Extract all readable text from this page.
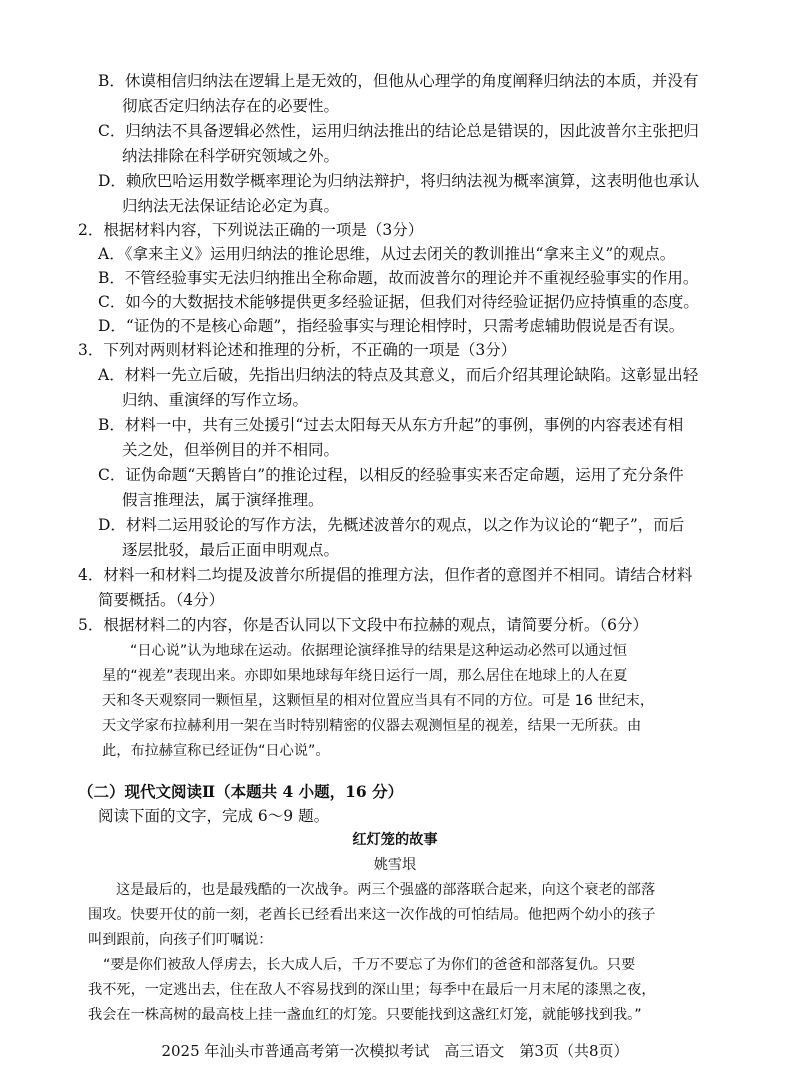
B．休谟相信归纳法在逻辑上是无效的，但他从心理学的角度阐释归纳法的本质，并没有
彻底否定归纳法存在的必要性。
C．归纳法不具备逻辑必然性，运用归纳法推出的结论总是错误的，因此波普尔主张把归
纳法排除在科学研究领域之外。
D．赖欣巴哈运用数学概率理论为归纳法辩护，将归纳法视为概率演算，这表明他也承认
归纳法无法保证结论必定为真。
2．根据材料内容，下列说法正确的一项是（3分）
A．《拿来主义》运用归纳法的推论思维，从过去闭关的教训推出“拿来主义”的观点。
B．不管经验事实无法归纳推出全称命题，故而波普尔的理论并不重视经验事实的作用。
C．如今的大数据技术能够提供更多经验证据，但我们对待经验证据仍应持慎重的态度。
D．“证伪的不是核心命题”，指经验事实与理论相悖时，只需考虑辅助假说是否有误。
3．下列对两则材料论述和推理的分析，不正确的一项是（3分）
A．材料一先立后破，先指出归纳法的特点及其意义，而后介绍其理论缺陷。这彰显出轻
归纳、重演绎的写作立场。
B．材料一中，共有三处援引“过去太阳每天从东方升起”的事例，事例的内容表述有相
关之处，但举例目的并不相同。
C．证伪命题“天鹅皆白”的推论过程，以相反的经验事实来否定命题，运用了充分条件
假言推理法，属于演绎推理。
D．材料二运用驳论的写作方法，先概述波普尔的观点，以之作为议论的“靶子”，而后
逐层批驳，最后正面申明观点。
4．材料一和材料二均提及波普尔所提倡的推理方法，但作者的意图并不相同。请结合材料
简要概括。（4分）
5．根据材料二的内容，你是否认同以下文段中布拉赫的观点，请简要分析。（6分）
“日心说”认为地球在运动。依据理论演绎推导的结果是这种运动必然可以通过恒
星的“视差”表现出来。亦即如果地球每年绕日运行一周，那么居住在地球上的人在夏
天和冬天观察同一颗恒星，这颗恒星的相对位置应当具有不同的方位。可是 16 世纪末，
天文学家布拉赫利用一架在当时特别精密的仪器去观测恒星的视差，结果一无所获。由
此，布拉赫宣称已经证伪“日心说”。
（二）现代文阅读Ⅱ（本题共 4 小题，16 分）
阅读下面的文字，完成 6～9 题。
红灯笼的故事
姚雪垠
这是最后的，也是最残酷的一次战争。两三个强盛的部落联合起来，向这个衰老的部落
围攻。快要开仗的前一刻，老酋长已经看出来这一次作战的可怕结局。他把两个幼小的孩子
叫到跟前，向孩子们叮嘱说：
“要是你们被敌人俘虏去，长大成人后，千万不要忘了为你们的爸爸和部落复仇。只要
我不死，一定逃出去，住在敌人不容易找到的深山里；每季中在最后一月末尾的漆黑之夜，
我会在一株高树的最高枝上挂一盏血红的灯笼。只要能找到这盏红灯笼，就能够找到我。”
2025 年汕头市普通高考第一次模拟考试　高三语文　第3页（共8页）
